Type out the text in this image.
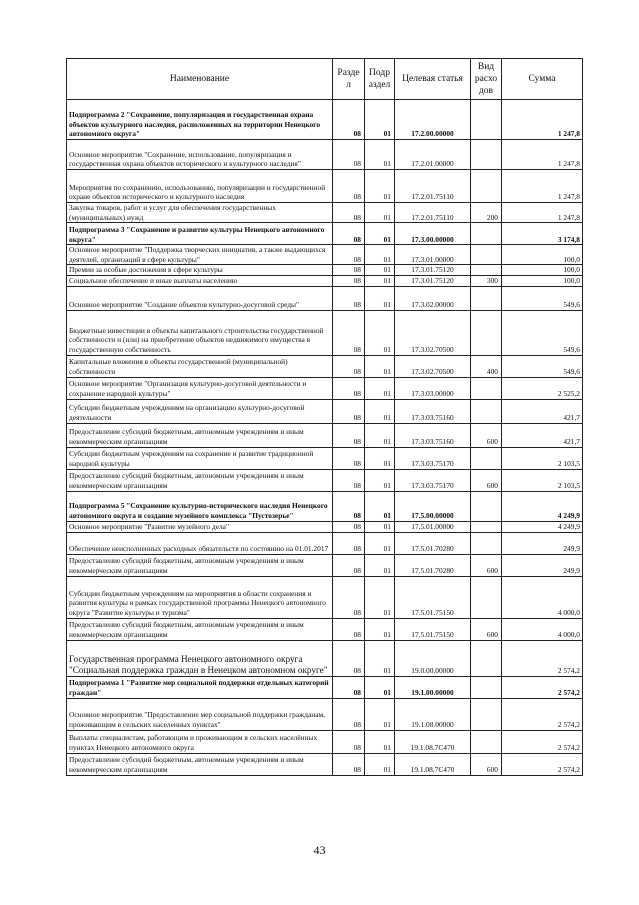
Наименование	Разде л	Подр аздел	Целевая статья	Вид расхо дов	Сумма
Подпрограмма 2 "Сохранение, популяризация и государственная охрана объектов культурного наследия, расположенных на территории Ненецкого автономного округа"	08	01	17.2.00.00000		1 247,8
Основное мероприятие "Сохранение, использование, популяризация и государственная охрана объектов исторического и культурного наследия"	08	01	17.2.01.00000		1 247,8
Мероприятия по сохранению, использованию, популяризации и государственной охране объектов исторического и культурного наследия	08	01	17.2.01.75110		1 247,8
Закупка товаров, работ и услуг для обеспечения государственных (муниципальных) нужд	08	01	17.2.01.75110	200	1 247,8
Подпрограмма 3 "Сохранение и развитие культуры Ненецкого автономного округа"	08	01	17.3.00.00000		3 174,8
Основное мероприятие "Поддержка творческих инициатив, а также выдающихся деятелей, организаций в сфере культуры"	08	01	17.3.01.00000		100,0
Премии за особые достижения в сфере культуры	08	01	17.3.01.75120		100,0
Социальное обеспечение и иные выплаты населению	08	01	17.3.01.75120	300	100,0
Основное мероприятие "Создание объектов культурно-досуговой среды"	08	01	17.3.02.00000		549,6
Бюджетные инвестиции в объекты капитального строительства государственной собственности и (или) на приобретение объектов недвижимого имущества в государственную собственность	08	01	17.3.02.70500		549,6
Капитальные вложения в объекты государственной (муниципальной) собственности	08	01	17.3.02.70500	400	549,6
Основное мероприятие "Организация культурно-досуговой деятельности и сохранение народной культуры"	08	01	17.3.03.00000		2 525,2
Субсидии бюджетным учреждениям на организацию культурно-досуговой деятельности	08	01	17.3.03.75160		421,7
Предоставление субсидий бюджетным, автономным учреждениям и иным некоммерческим организациям	08	01	17.3.03.75160	600	421,7
Субсидии бюджетным учреждениям на сохранение и развитие традиционной народной культуры	08	01	17.3.03.75170		2 103,5
Предоставление субсидий бюджетным, автономным учреждениям и иным некоммерческим организациям	08	01	17.3.03.75170	600	2 103,5
Подпрограмма 5 "Сохранение культурно-исторического наследия Ненецкого автономного округа и создание музейного комплекса "Пустозерье"	08	01	17.5.00.00000		4 249,9
Основное мероприятие "Развитие музейного дела"	08	01	17.5.01.00000		4 249,9
Обеспечение неисполненных расходных обязательств по состоянию на 01.01.2017	08	01	17.5.01.70280		249,9
Предоставление субсидий бюджетным, автономным учреждениям и иным некоммерческим организациям	08	01	17.5.01.70280	600	249,9
Субсидии бюджетным учреждениям на мероприятия в области сохранения и развития культуры в рамках государственной программы Ненецкого автономного округа "Развитие культуры и туризма"	08	01	17.5.01.75150		4 000,0
Предоставление субсидий бюджетным, автономным учреждениям и иным некоммерческим организациям	08	01	17.5.01.75150	600	4 000,0
Государственная программа Ненецкого автономного округа "Социальная поддержка граждан в Ненецком автономном округе"	08	01	19.0.00.00000		2 574,2
Подпрограмма 1 "Развитие мер социальной поддержки отдельных категорий граждан"	08	01	19.1.00.00000		2 574,2
Основное мероприятие "Предоставление мер социальной поддержки гражданам, проживающим в сельских населенных пунктах"	08	01	19.1.08.00000		2 574,2
Выплаты специалистам, работающим и проживающим в сельских населённых пунктах Ненецкого автономного округа	08	01	19.1.08.7С470		2 574,2
Предоставление субсидий бюджетным, автономным учреждениям и иным некоммерческим организациям	08	01	19.1.08.7С470	600	2 574,2
43
